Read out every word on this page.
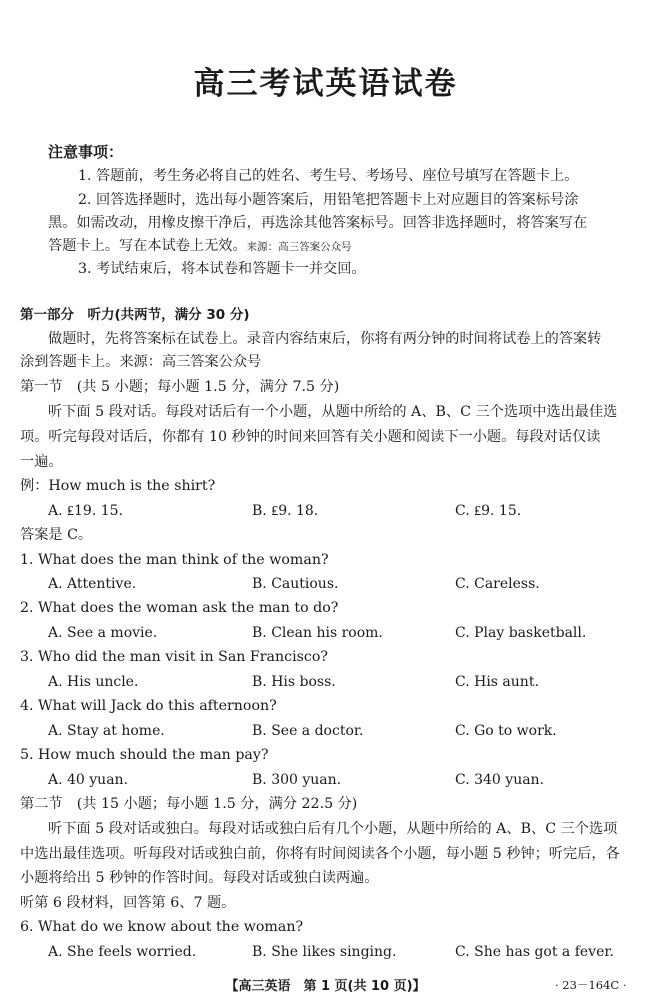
高三考试英语试卷
注意事项：
1. 答题前，考生务必将自己的姓名、考生号、考场号、座位号填写在答题卡上。
2. 回答选择题时，选出每小题答案后，用铅笔把答题卡上对应题目的答案标号涂
黑。如需改动，用橡皮擦干净后，再选涂其他答案标号。回答非选择题时，将答案写在
答题卡上。写在本试卷上无效。来源：高三答案公众号
3. 考试结束后，将本试卷和答题卡一并交回。
第一部分　听力(共两节，满分 30 分)
做题时，先将答案标在试卷上。录音内容结束后，你将有两分钟的时间将试卷上的答案转
涂到答题卡上。来源：高三答案公众号
第一节　(共 5 小题；每小题 1.5 分，满分 7.5 分)
听下面 5 段对话。每段对话后有一个小题，从题中所给的 A、B、C 三个选项中选出最佳选
项。听完每段对话后，你都有 10 秒钟的时间来回答有关小题和阅读下一小题。每段对话仅读
一遍。
例：How much is the shirt?
A. ₤19. 15.	B. ₤9. 18.	C. ₤9. 15.
答案是 C。
1. What does the man think of the woman?
A. Attentive.	B. Cautious.	C. Careless.
2. What does the woman ask the man to do?
A. See a movie.	B. Clean his room.	C. Play basketball.
3. Who did the man visit in San Francisco?
A. His uncle.	B. His boss.	C. His aunt.
4. What will Jack do this afternoon?
A. Stay at home.	B. See a doctor.	C. Go to work.
5. How much should the man pay?
A. 40 yuan.	B. 300 yuan.	C. 340 yuan.
第二节　(共 15 小题；每小题 1.5 分，满分 22.5 分)
听下面 5 段对话或独白。每段对话或独白后有几个小题，从题中所给的 A、B、C 三个选项
中选出最佳选项。听每段对话或独白前，你将有时间阅读各个小题，每小题 5 秒钟；听完后，各
小题将给出 5 秒钟的作答时间。每段对话或独白读两遍。
听第 6 段材料，回答第 6、7 题。
6. What do we know about the woman?
A. She feels worried.	B. She likes singing.	C. She has got a fever.
【高三英语　第 1 页(共 10 页)】	· 23－164C ·
